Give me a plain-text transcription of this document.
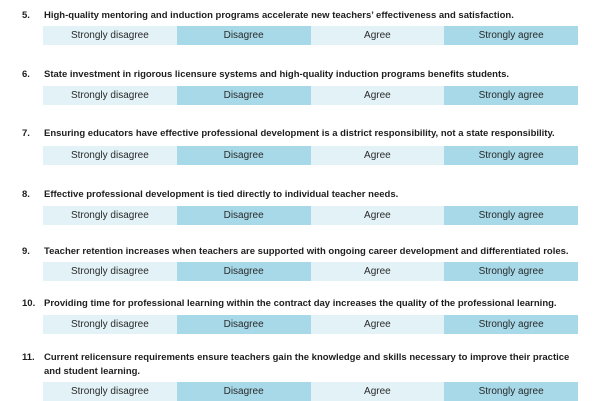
5.	High-quality mentoring and induction programs accelerate new teachers’ effectiveness and satisfaction.
Strongly disagree	Disagree	Agree	Strongly agree
6.	State investment in rigorous licensure systems and high-quality induction programs benefits students.
Strongly disagree	Disagree	Agree	Strongly agree
7.	Ensuring educators have effective professional development is a district responsibility, not a state responsibility.
Strongly disagree	Disagree	Agree	Strongly agree
8.	Effective professional development is tied directly to individual teacher needs.
Strongly disagree	Disagree	Agree	Strongly agree
9.	Teacher retention increases when teachers are supported with ongoing career development and differentiated roles.
Strongly disagree	Disagree	Agree	Strongly agree
10. Providing time for professional learning within the contract day increases the quality of the professional learning.
Strongly disagree	Disagree	Agree	Strongly agree
11. Current relicensure requirements ensure teachers gain the knowledge and skills necessary to improve their practice and student learning.
Strongly disagree	Disagree	Agree	Strongly agree
